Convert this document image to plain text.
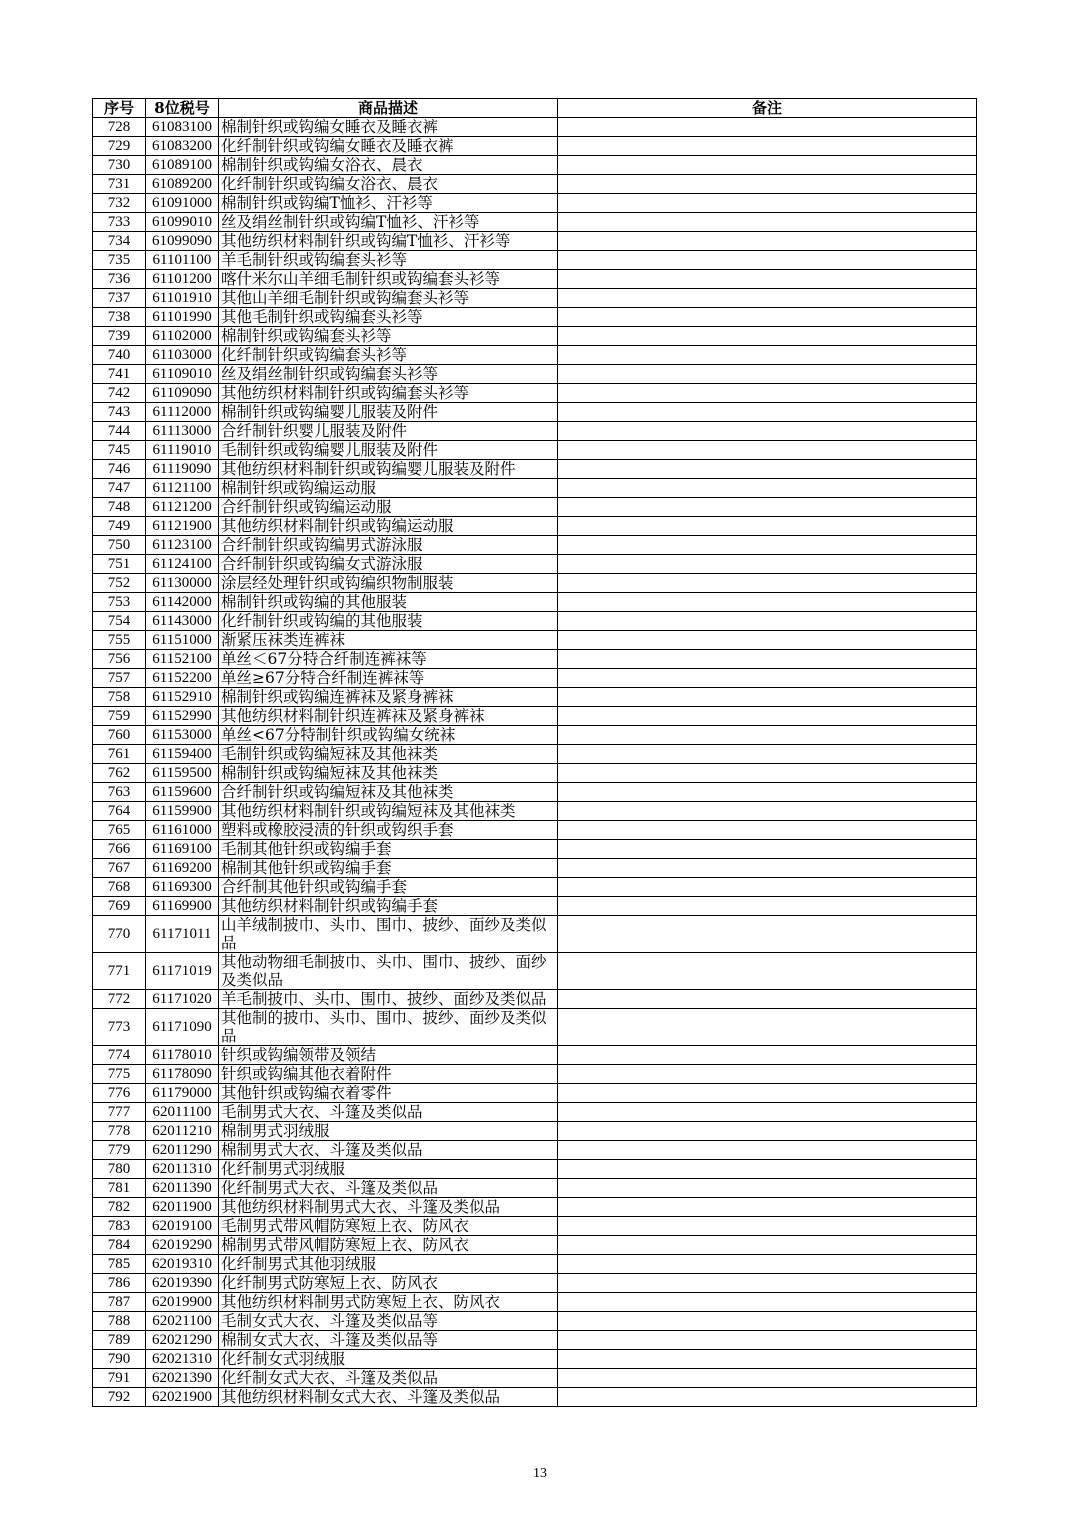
序号	8位税号	商品描述	备注
728	61083100	棉制针织或钩编女睡衣及睡衣裤	
729	61083200	化纤制针织或钩编女睡衣及睡衣裤	
730	61089100	棉制针织或钩编女浴衣、晨衣	
731	61089200	化纤制针织或钩编女浴衣、晨衣	
732	61091000	棉制针织或钩编T恤衫、汗衫等	
733	61099010	丝及绢丝制针织或钩编T恤衫、汗衫等	
734	61099090	其他纺织材料制针织或钩编T恤衫、汗衫等	
735	61101100	羊毛制针织或钩编套头衫等	
736	61101200	喀什米尔山羊细毛制针织或钩编套头衫等	
737	61101910	其他山羊细毛制针织或钩编套头衫等	
738	61101990	其他毛制针织或钩编套头衫等	
739	61102000	棉制针织或钩编套头衫等	
740	61103000	化纤制针织或钩编套头衫等	
741	61109010	丝及绢丝制针织或钩编套头衫等	
742	61109090	其他纺织材料制针织或钩编套头衫等	
743	61112000	棉制针织或钩编婴儿服装及附件	
744	61113000	合纤制针织婴儿服装及附件	
745	61119010	毛制针织或钩编婴儿服装及附件	
746	61119090	其他纺织材料制针织或钩编婴儿服装及附件	
747	61121100	棉制针织或钩编运动服	
748	61121200	合纤制针织或钩编运动服	
749	61121900	其他纺织材料制针织或钩编运动服	
750	61123100	合纤制针织或钩编男式游泳服	
751	61124100	合纤制针织或钩编女式游泳服	
752	61130000	涂层经处理针织或钩编织物制服装	
753	61142000	棉制针织或钩编的其他服装	
754	61143000	化纤制针织或钩编的其他服装	
755	61151000	渐紧压袜类连裤袜	
756	61152100	单丝＜67分特合纤制连裤袜等	
757	61152200	单丝≥67分特合纤制连裤袜等	
758	61152910	棉制针织或钩编连裤袜及紧身裤袜	
759	61152990	其他纺织材料制针织连裤袜及紧身裤袜	
760	61153000	单丝<67分特制针织或钩编女统袜	
761	61159400	毛制针织或钩编短袜及其他袜类	
762	61159500	棉制针织或钩编短袜及其他袜类	
763	61159600	合纤制针织或钩编短袜及其他袜类	
764	61159900	其他纺织材料制针织或钩编短袜及其他袜类	
765	61161000	塑料或橡胶浸渍的针织或钩织手套	
766	61169100	毛制其他针织或钩编手套	
767	61169200	棉制其他针织或钩编手套	
768	61169300	合纤制其他针织或钩编手套	
769	61169900	其他纺织材料制针织或钩编手套	
770	61171011	山羊绒制披巾、头巾、围巾、披纱、面纱及类似品	
771	61171019	其他动物细毛制披巾、头巾、围巾、披纱、面纱及类似品	
772	61171020	羊毛制披巾、头巾、围巾、披纱、面纱及类似品	
773	61171090	其他制的披巾、头巾、围巾、披纱、面纱及类似品	
774	61178010	针织或钩编领带及领结	
775	61178090	针织或钩编其他衣着附件	
776	61179000	其他针织或钩编衣着零件	
777	62011100	毛制男式大衣、斗篷及类似品	
778	62011210	棉制男式羽绒服	
779	62011290	棉制男式大衣、斗篷及类似品	
780	62011310	化纤制男式羽绒服	
781	62011390	化纤制男式大衣、斗篷及类似品	
782	62011900	其他纺织材料制男式大衣、斗篷及类似品	
783	62019100	毛制男式带风帽防寒短上衣、防风衣	
784	62019290	棉制男式带风帽防寒短上衣、防风衣	
785	62019310	化纤制男式其他羽绒服	
786	62019390	化纤制男式防寒短上衣、防风衣	
787	62019900	其他纺织材料制男式防寒短上衣、防风衣	
788	62021100	毛制女式大衣、斗篷及类似品等	
789	62021290	棉制女式大衣、斗篷及类似品等	
790	62021310	化纤制女式羽绒服	
791	62021390	化纤制女式大衣、斗篷及类似品	
792	62021900	其他纺织材料制女式大衣、斗篷及类似品	
13
